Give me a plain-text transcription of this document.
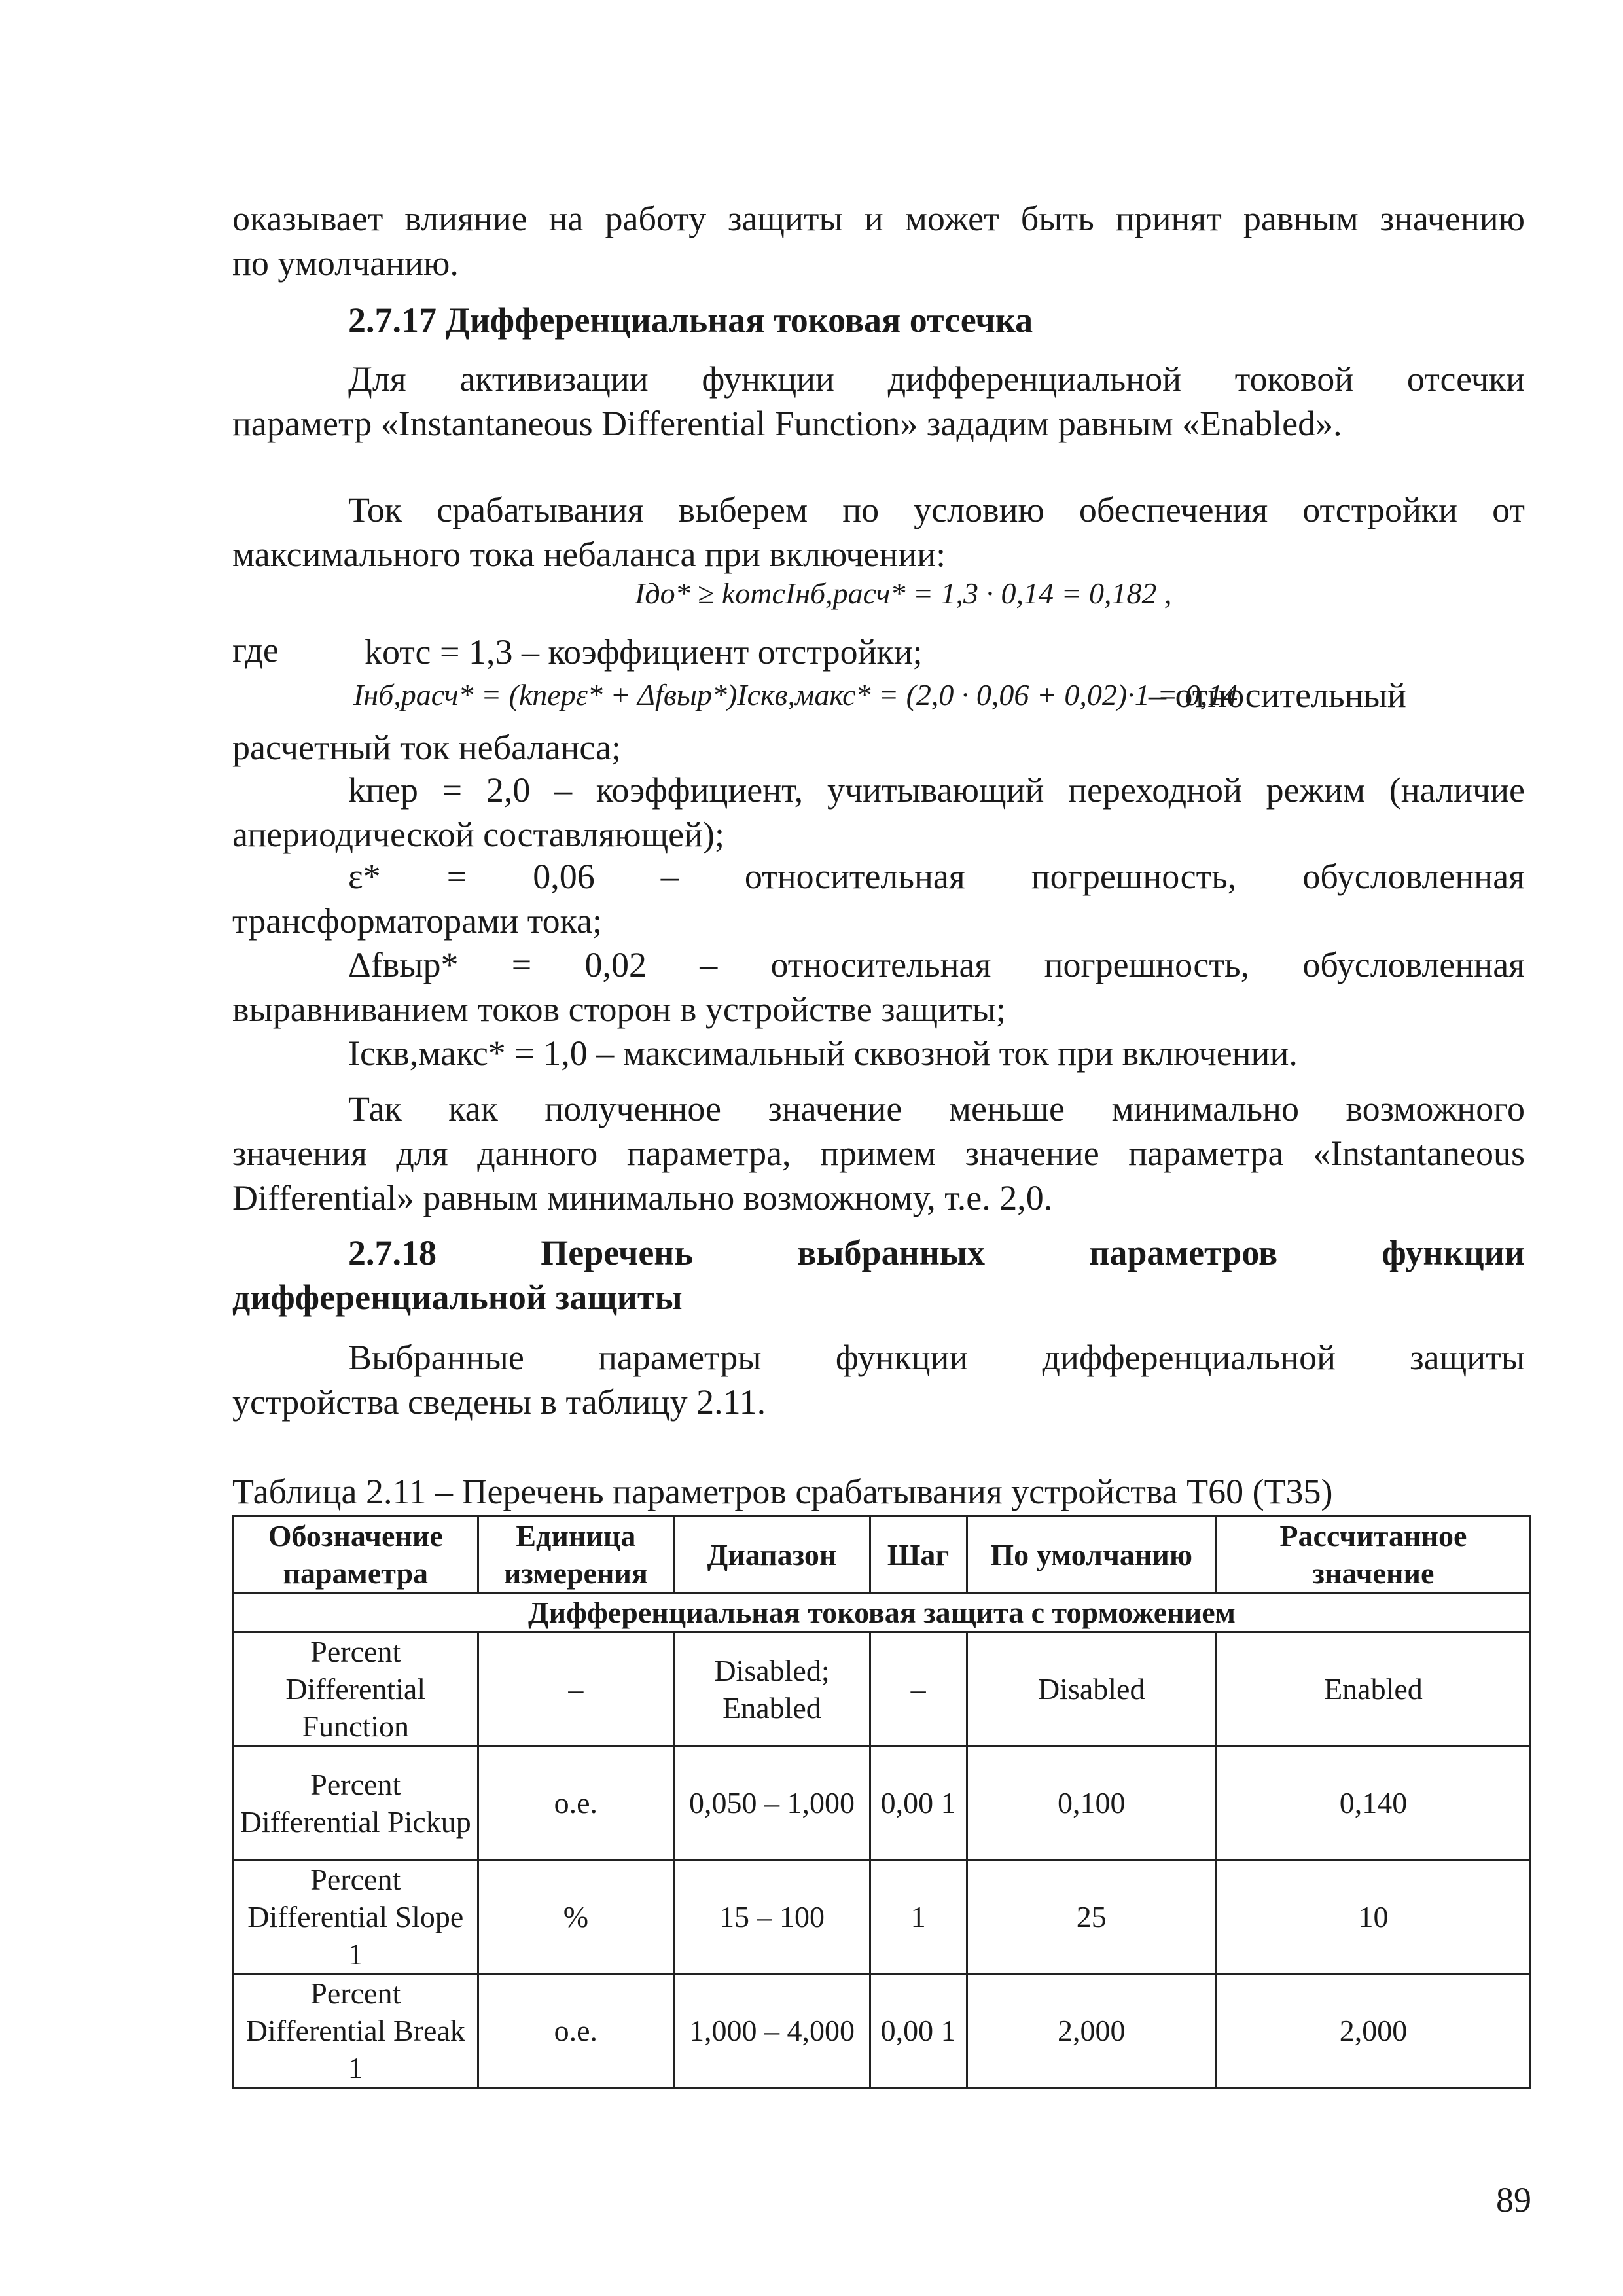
оказывает влияние на работу защиты и может быть принят равным значению
по умолчанию.
2.7.17 Дифференциальная токовая отсечка
Для активизации функции дифференциальной токовой отсечки
параметр «Instantaneous Differential Function» зададим равным «Enabled».
Ток срабатывания выберем по условию обеспечения отстройки от
максимального тока небаланса при включении:
Iдо* ≥ kотсIнб,расч* = 1,3 · 0,14 = 0,182 ,
где kотс = 1,3 – коэффициент отстройки;
Iнб,расч* = (kперε* + Δfвыр*)Iскв,макс* = (2,0 · 0,06 + 0,02)·1 = 0,14
– относительный
расчетный ток небаланса;
kпер = 2,0 – коэффициент, учитывающий переходной режим (наличие
апериодической составляющей);
ε* = 0,06 – относительная погрешность, обусловленная
трансформаторами тока;
Δfвыр* = 0,02 – относительная погрешность, обусловленная
выравниванием токов сторон в устройстве защиты;
Iскв,макс* = 1,0 – максимальный сквозной ток при включении.
Так как полученное значение меньше минимально возможного
значения для данного параметра, примем значение параметра «Instantaneous
Differential» равным минимально возможному, т.е. 2,0.
2.7.18 Перечень выбранных параметров функции
дифференциальной защиты
Выбранные параметры функции дифференциальной защиты
устройства сведены в таблицу 2.11.
Таблица 2.11 – Перечень параметров срабатывания устройства Т60 (Т35)
Обозначение параметра	Единица измерения	Диапазон	Шаг	По умолчанию	Рассчитанное значение
Дифференциальная токовая защита с торможением					
Percent Differential Function	–	Disabled; Enabled	–	Disabled	Enabled
Percent Differential Pickup	о.е.	0,050 – 1,000	0,00 1	0,100	0,140
Percent Differential Slope 1	%	15 – 100	1	25	10
Percent Differential Break 1	о.е.	1,000 – 4,000	0,00 1	2,000	2,000
89
